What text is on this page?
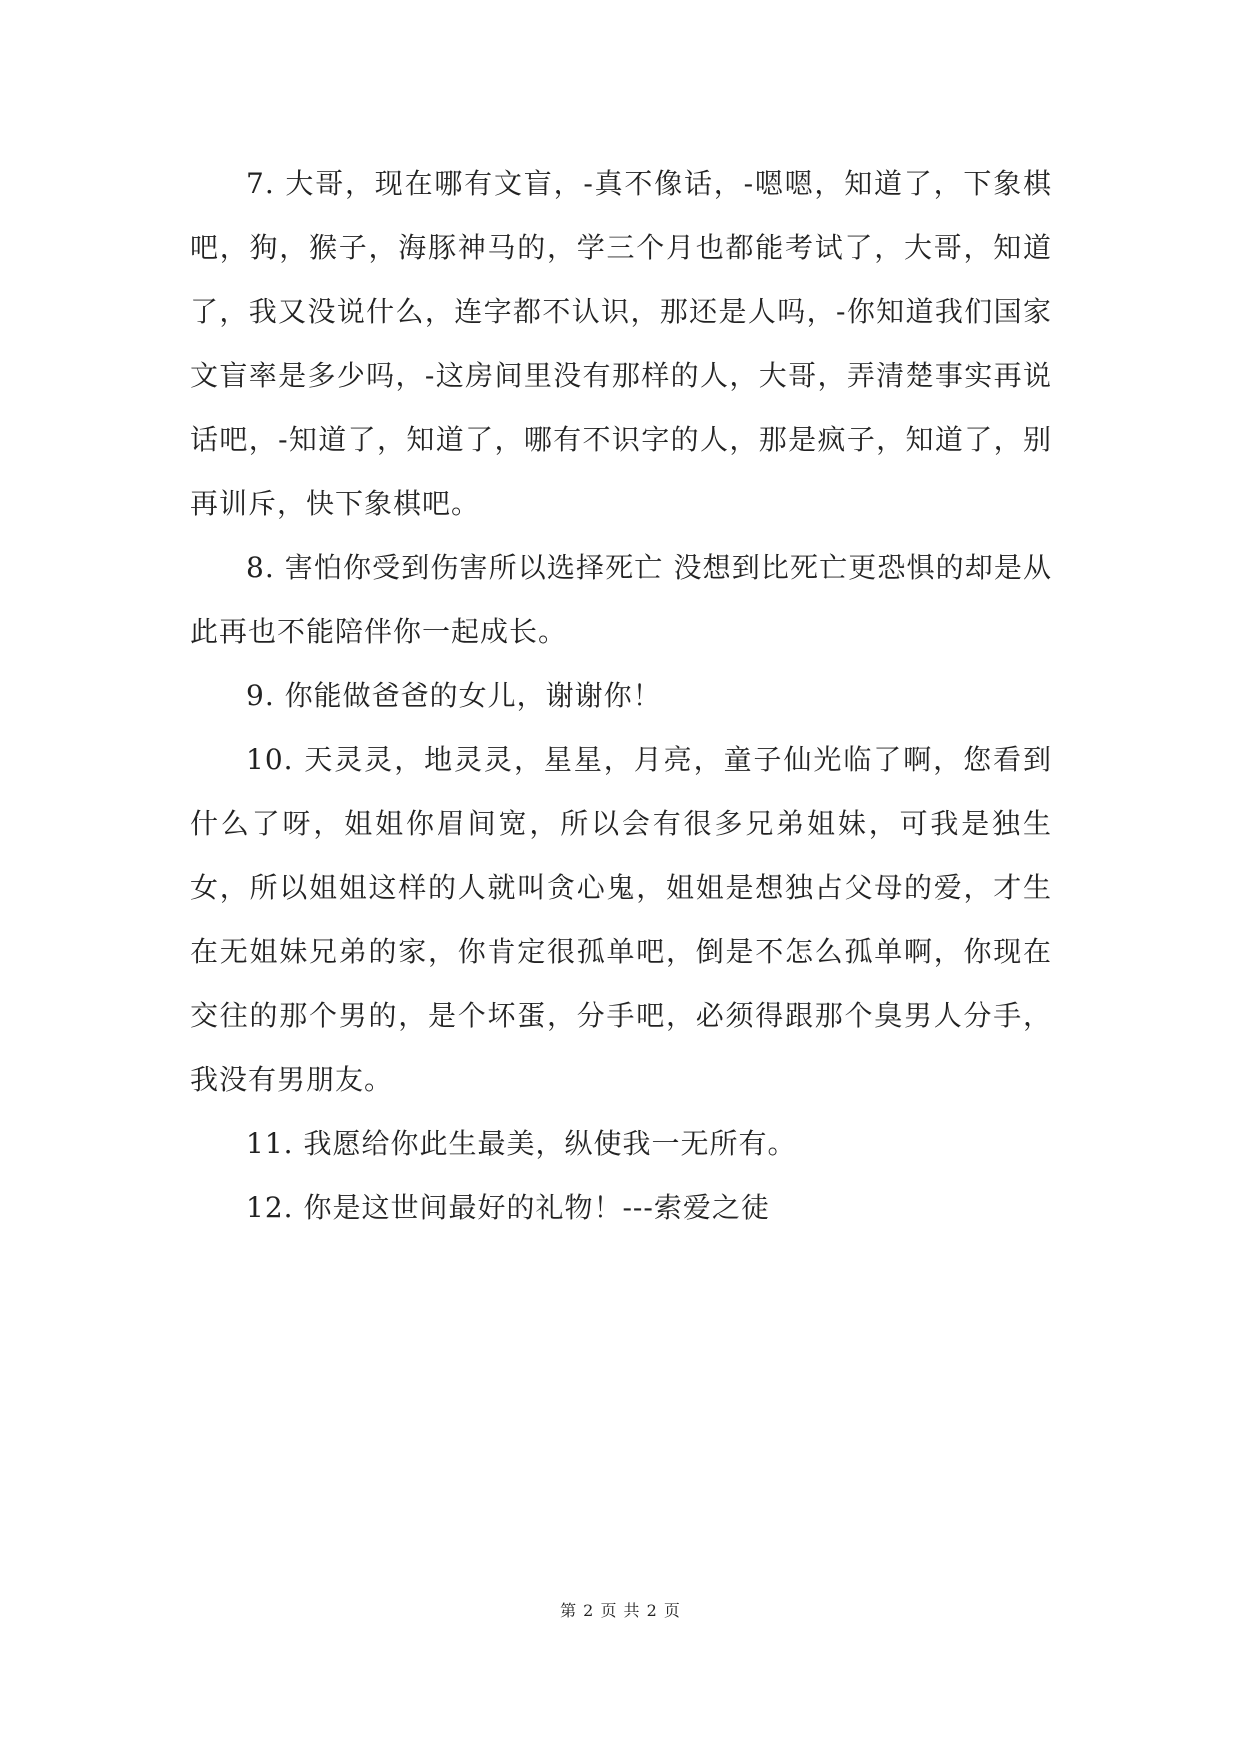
7. 大哥，现在哪有文盲，-真不像话，-嗯嗯，知道了，下象棋吧，狗，猴子，海豚神马的，学三个月也都能考试了，大哥，知道了，我又没说什么，连字都不认识，那还是人吗，-你知道我们国家文盲率是多少吗，-这房间里没有那样的人，大哥，弄清楚事实再说话吧，-知道了，知道了，哪有不识字的人，那是疯子，知道了，别再训斥，快下象棋吧。

8. 害怕你受到伤害所以选择死亡 没想到比死亡更恐惧的却是从此再也不能陪伴你一起成长。

9. 你能做爸爸的女儿，谢谢你！

10. 天灵灵，地灵灵，星星，月亮，童子仙光临了啊，您看到什么了呀，姐姐你眉间宽，所以会有很多兄弟姐妹，可我是独生女，所以姐姐这样的人就叫贪心鬼，姐姐是想独占父母的爱，才生在无姐妹兄弟的家，你肯定很孤单吧，倒是不怎么孤单啊，你现在交往的那个男的，是个坏蛋，分手吧，必须得跟那个臭男人分手，我没有男朋友。

11. 我愿给你此生最美，纵使我一无所有。

12. 你是这世间最好的礼物！---索爱之徒

第 2 页 共 2 页
